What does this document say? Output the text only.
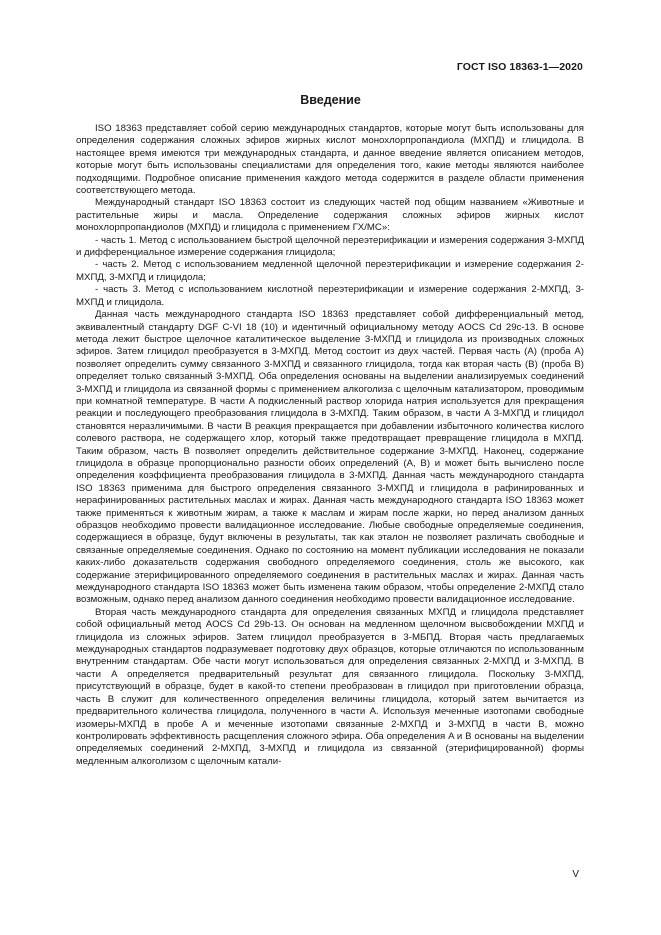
ГОСТ ISO 18363-1—2020
Введение

ISO 18363 представляет собой серию международных стандартов, которые могут быть использованы для определения содержания сложных эфиров жирных кислот монохлорпропандиола (МХПД) и глицидола. В настоящее время имеются три международных стандарта, и данное введение является описанием методов, которые могут быть использованы специалистами для определения того, какие методы являются наиболее подходящими. Подробное описание применения каждого метода содержится в разделе области применения соответствующего метода.

Международный стандарт ISO 18363 состоит из следующих частей под общим названием «Животные и растительные жиры и масла. Определение содержания сложных эфиров жирных кислот монохлорпропандиолов (МХПД) и глицидола с применением ГХ/МС»:

- часть 1. Метод с использованием быстрой щелочной переэтерификации и измерения содержания 3-МХПД и дифференциальное измерение содержания глицидола;

- часть 2. Метод с использованием медленной щелочной переэтерификации и измерение содержания 2-МХПД, 3-МХПД и глицидола;

- часть 3. Метод с использованием кислотной переэтерификации и измерение содержания 2-МХПД, 3-МХПД и глицидола.

Данная часть международного стандарта ISO 18363 представляет собой дифференциальный метод, эквивалентный стандарту DGF C-VI 18 (10) и идентичный официальному методу AOCS Cd 29c-13. В основе метода лежит быстрое щелочное каталитическое выделение 3-МХПД и глицидола из производных сложных эфиров. Затем глицидол преобразуется в 3-МХПД. Метод состоит из двух частей. Первая часть (A) (проба A) позволяет определить сумму связанного 3-МХПД и связанного глицидола, тогда как вторая часть (B) (проба B) определяет только связанный 3-МХПД. Оба определения основаны на выделении анализируемых соединений 3-МХПД и глицидола из связанной формы с применением алкоголиза с щелочным катализатором, проводимым при комнатной температуре. В части A подкисленный раствор хлорида натрия используется для прекращения реакции и последующего преобразования глицидола в 3-МХПД. Таким образом, в части A 3-МХПД и глицидол становятся неразличимыми. В части B реакция прекращается при добавлении избыточного количества кислого солевого раствора, не содержащего хлор, который также предотвращает превращение глицидола в МХПД. Таким образом, часть B позволяет определить действительное содержание 3-МХПД. Наконец, содержание глицидола в образце пропорционально разности обоих определений (A, B) и может быть вычислено после определения коэффициента преобразования глицидола в 3-МХПД. Данная часть международного стандарта ISO 18363 применима для быстрого определения связанного 3-МХПД и глицидола в рафинированных и нерафинированных растительных маслах и жирах. Данная часть международного стандарта ISO 18363 может также применяться к животным жирам, а также к маслам и жирам после жарки, но перед анализом данных образцов необходимо провести валидационное исследование. Любые свободные определяемые соединения, содержащиеся в образце, будут включены в результаты, так как эталон не позволяет различать свободные и связанные определяемые соединения. Однако по состоянию на момент публикации исследования не показали каких-либо доказательств содержания свободного определяемого соединения, столь же высокого, как содержание этерифицированного определяемого соединения в растительных маслах и жирах. Данная часть международного стандарта ISO 18363 может быть изменена таким образом, чтобы определение 2-МХПД стало возможным, однако перед анализом данного соединения необходимо провести валидационное исследование.

Вторая часть международного стандарта для определения связанных МХПД и глицидола представляет собой официальный метод AOCS Cd 29b-13. Он основан на медленном щелочном высвобождении МХПД и глицидола из сложных эфиров. Затем глицидол преобразуется в 3-МБПД. Вторая часть предлагаемых международных стандартов подразумевает подготовку двух образцов, которые отличаются по использованным внутренним стандартам. Обе части могут использоваться для определения связанных 2-МХПД и 3-МХПД. В части A определяется предварительный результат для связанного глицидола. Поскольку 3-МХПД, присутствующий в образце, будет в какой-то степени преобразован в глицидол при приготовлении образца, часть B служит для количественного определения величины глицидола, который затем вычитается из предварительного количества глицидола, полученного в части A. Используя меченные изотопами свободные изомеры-МХПД в пробе A и меченные изотопами связанные 2-МХПД и 3-МХПД в части B, можно контролировать эффективность расщепления сложного эфира. Оба определения A и B основаны на выделении определяемых соединений 2-МХПД, 3-МХПД и глицидола из связанной (этерифицированной) формы медленным алкоголизом с щелочным катали-

V
